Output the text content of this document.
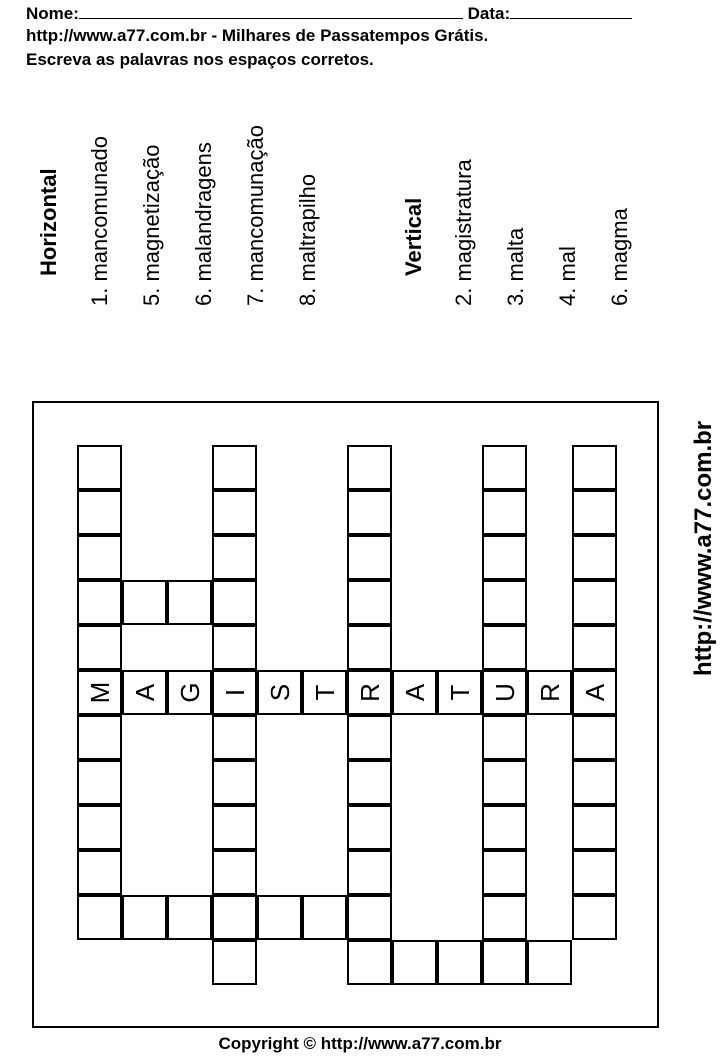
Nome:	Data:
http://www.a77.com.br - Milhares de Passatempos Grátis.
Escreva as palavras nos espaços corretos.
Horizontal 1. mancomunado 5. magnetização 6. malandragens 7. mancomunação 8. maltrapilho	Vertical 2. magistratura 3. malta 4. mal 6. magma
M A G I S T R A T U R A
http://www.a77.com.br
Copyright © http://www.a77.com.br
